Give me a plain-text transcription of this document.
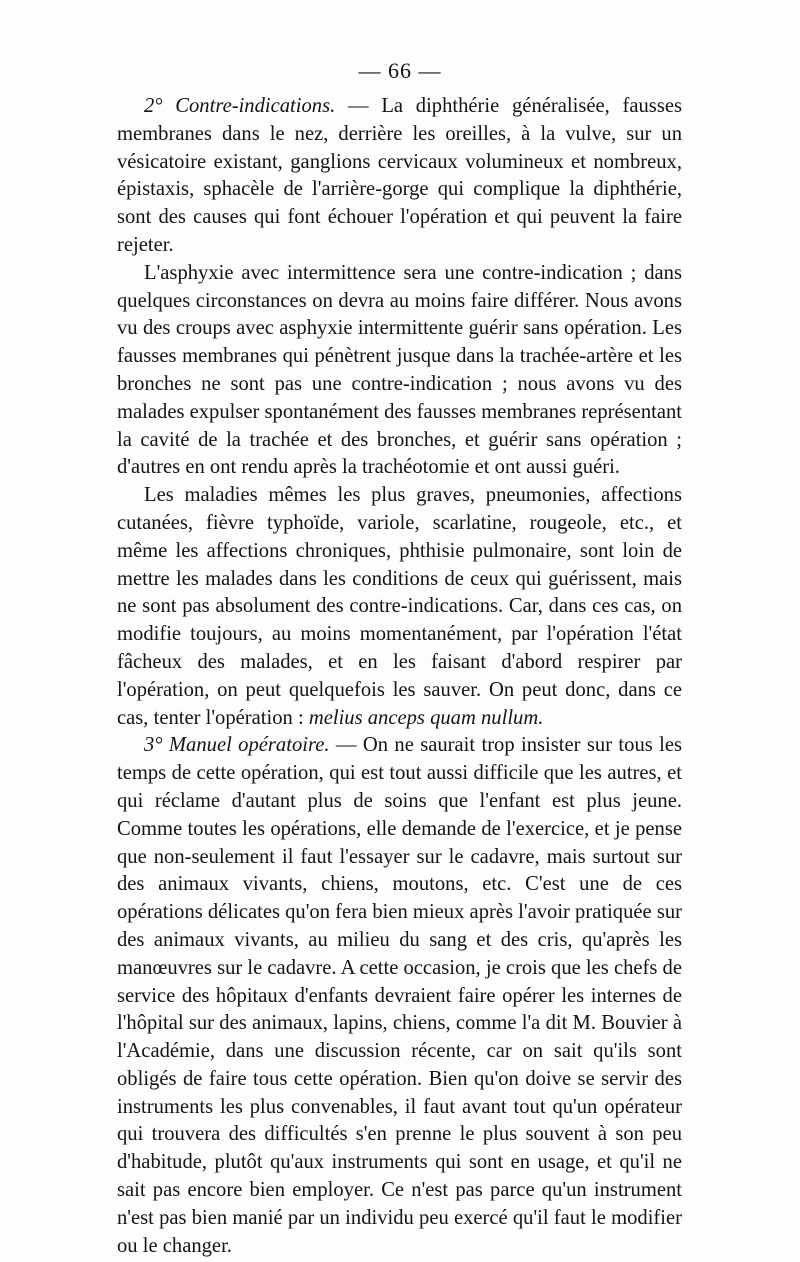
— 66 —

2° Contre-indications. — La diphthérie généralisée, fausses membranes dans le nez, derrière les oreilles, à la vulve, sur un vésicatoire existant, ganglions cervicaux volumineux et nombreux, épistaxis, sphacèle de l'arrière-gorge qui complique la diphthérie, sont des causes qui font échouer l'opération et qui peuvent la faire rejeter.

L'asphyxie avec intermittence sera une contre-indication ; dans quelques circonstances on devra au moins faire différer. Nous avons vu des croups avec asphyxie intermittente guérir sans opération. Les fausses membranes qui pénètrent jusque dans la trachée-artère et les bronches ne sont pas une contre-indication ; nous avons vu des malades expulser spontanément des fausses membranes représentant la cavité de la trachée et des bronches, et guérir sans opération ; d'autres en ont rendu après la trachéotomie et ont aussi guéri.

Les maladies mêmes les plus graves, pneumonies, affections cutanées, fièvre typhoïde, variole, scarlatine, rougeole, etc., et même les affections chroniques, phthisie pulmonaire, sont loin de mettre les malades dans les conditions de ceux qui guérissent, mais ne sont pas absolument des contre-indications. Car, dans ces cas, on modifie toujours, au moins momentanément, par l'opération l'état fâcheux des malades, et en les faisant d'abord respirer par l'opération, on peut quelquefois les sauver. On peut donc, dans ce cas, tenter l'opération : melius anceps quam nullum.

3° Manuel opératoire. — On ne saurait trop insister sur tous les temps de cette opération, qui est tout aussi difficile que les autres, et qui réclame d'autant plus de soins que l'enfant est plus jeune. Comme toutes les opérations, elle demande de l'exercice, et je pense que non-seulement il faut l'essayer sur le cadavre, mais surtout sur des animaux vivants, chiens, moutons, etc. C'est une de ces opérations délicates qu'on fera bien mieux après l'avoir pratiquée sur des animaux vivants, au milieu du sang et des cris, qu'après les manœuvres sur le cadavre. A cette occasion, je crois que les chefs de service des hôpitaux d'enfants devraient faire opérer les internes de l'hôpital sur des animaux, lapins, chiens, comme l'a dit M. Bouvier à l'Académie, dans une discussion récente, car on sait qu'ils sont obligés de faire tous cette opération. Bien qu'on doive se servir des instruments les plus convenables, il faut avant tout qu'un opérateur qui trouvera des difficultés s'en prenne le plus souvent à son peu d'habitude, plutôt qu'aux instruments qui sont en usage, et qu'il ne sait pas encore bien employer. Ce n'est pas parce qu'un instrument n'est pas bien manié par un individu peu exercé qu'il faut le modifier ou le changer.
